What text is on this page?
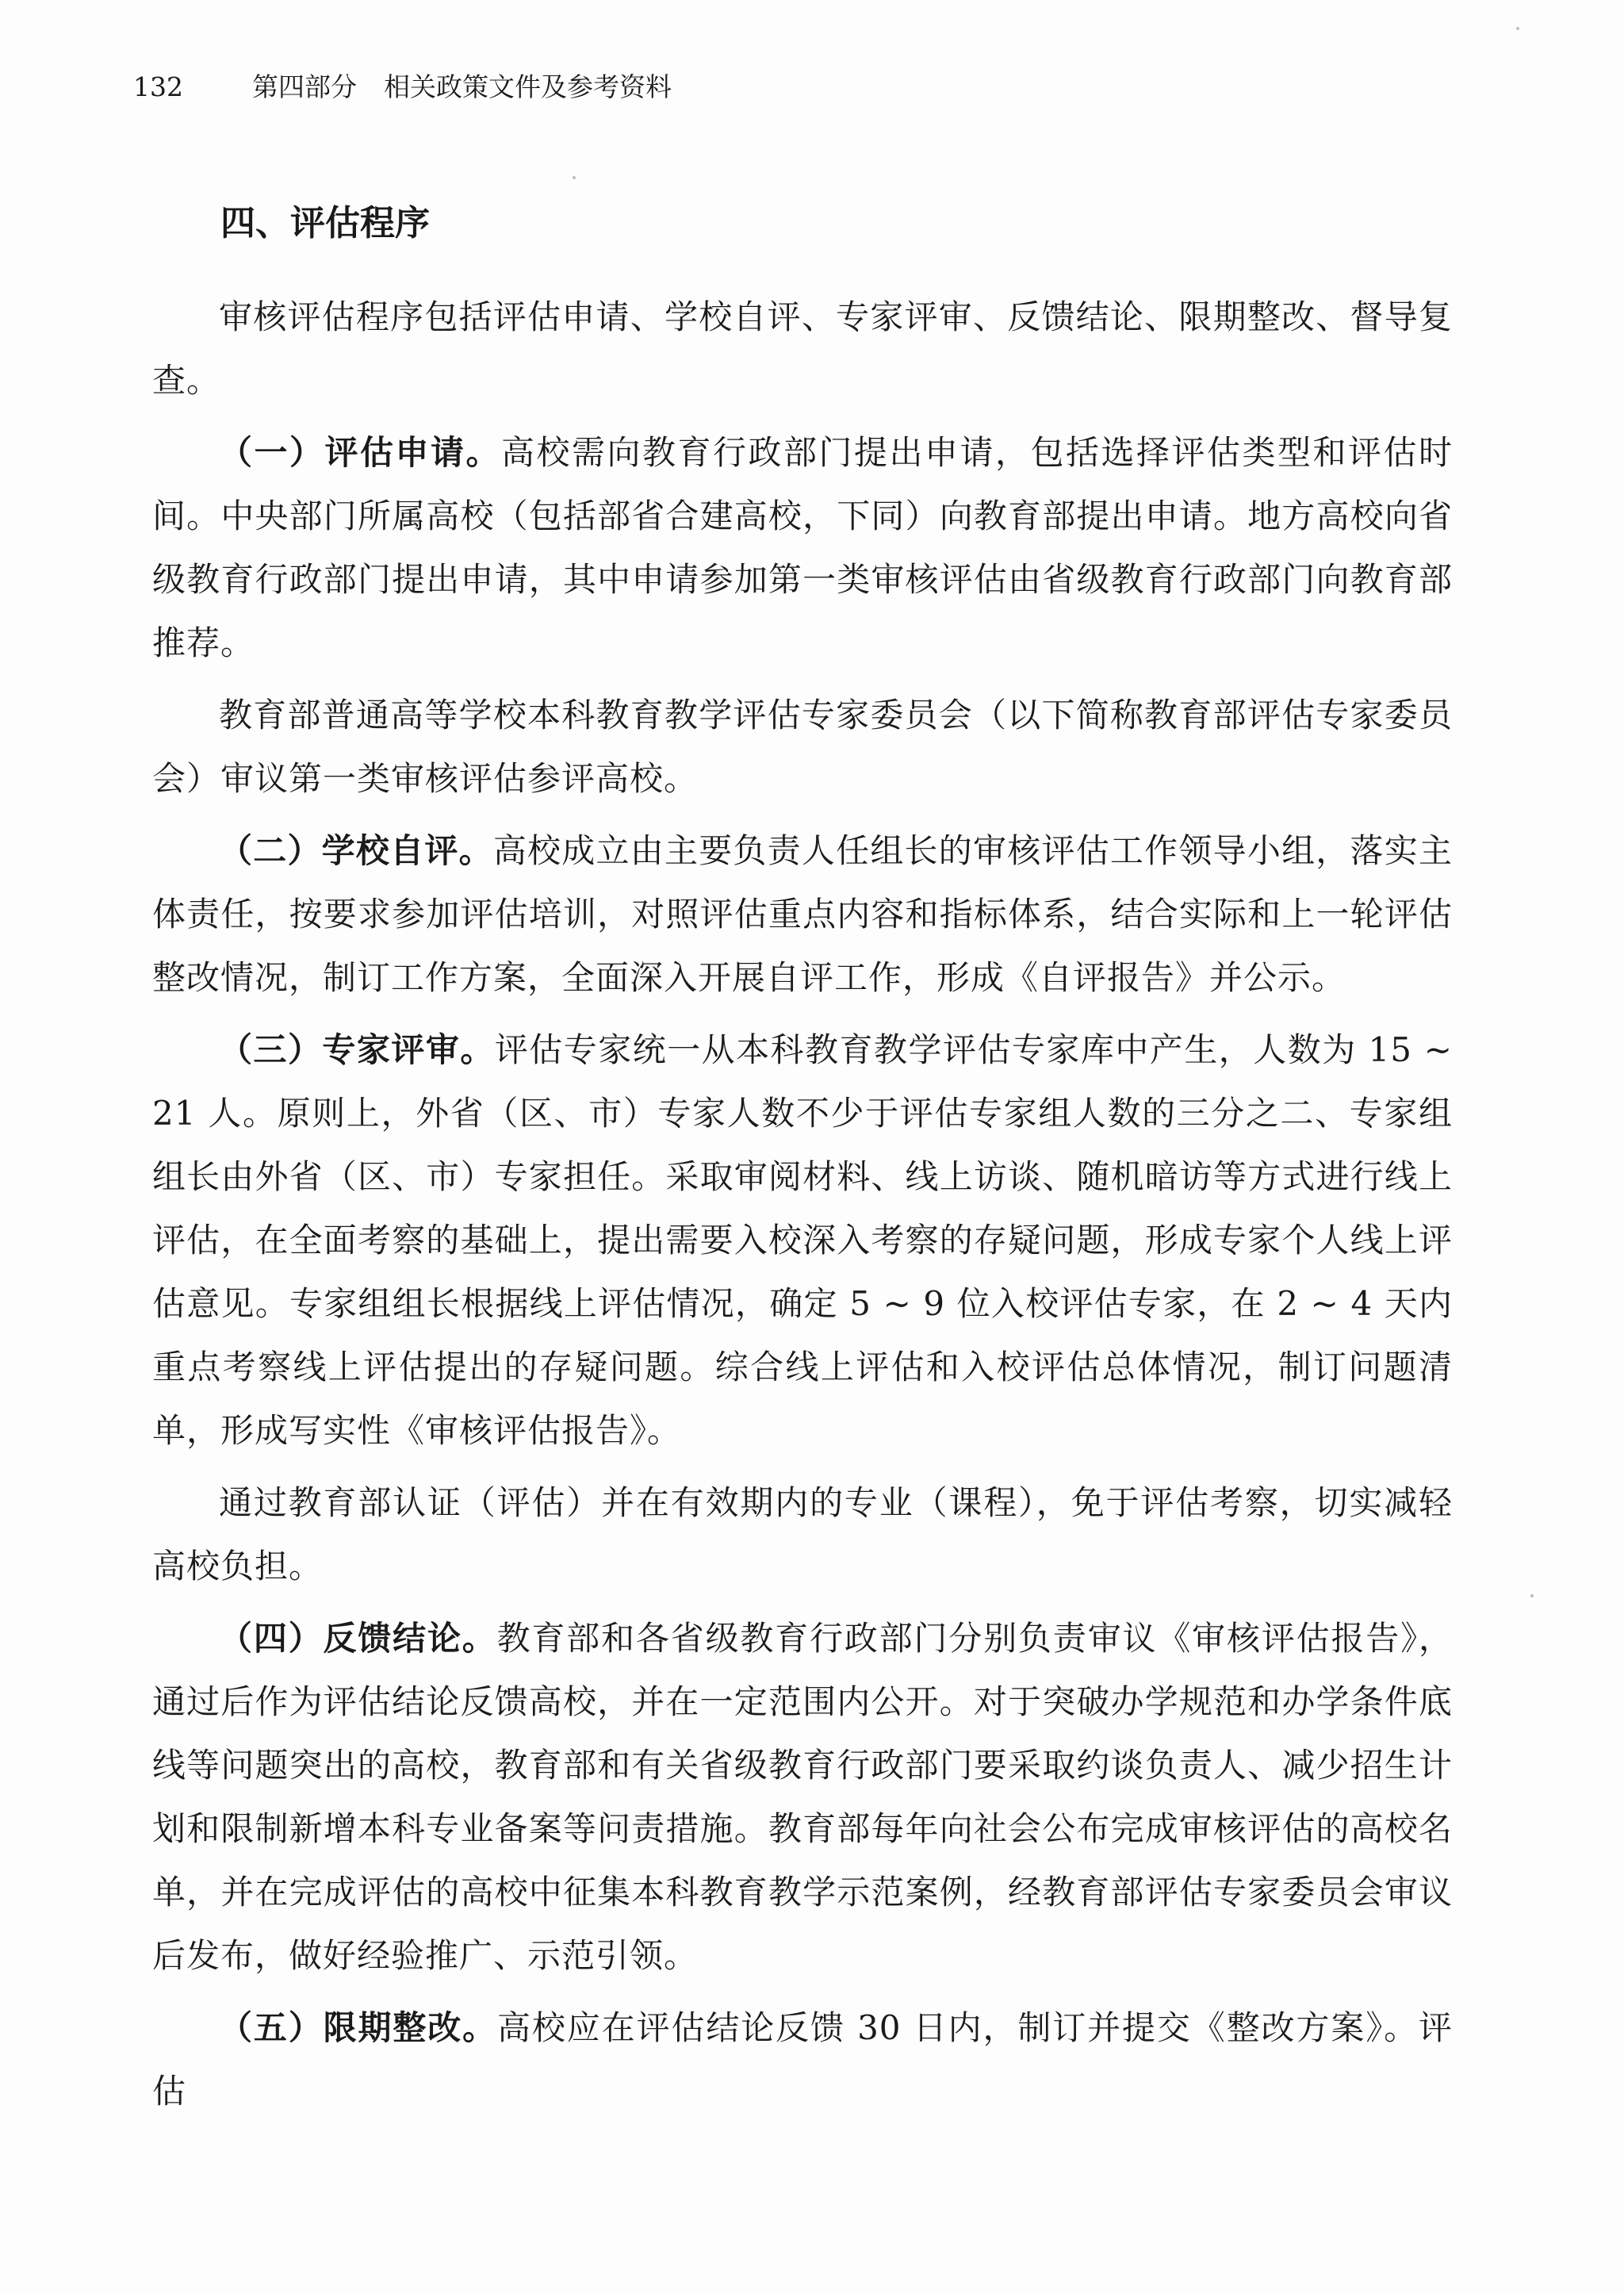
132	第四部分 相关政策文件及参考资料
四、评估程序

审核评估程序包括评估申请、学校自评、专家评审、反馈结论、限期整改、督导复查。

（一）评估申请。高校需向教育行政部门提出申请，包括选择评估类型和评估时间。中央部门所属高校（包括部省合建高校，下同）向教育部提出申请。地方高校向省级教育行政部门提出申请，其中申请参加第一类审核评估由省级教育行政部门向教育部推荐。

教育部普通高等学校本科教育教学评估专家委员会（以下简称教育部评估专家委员会）审议第一类审核评估参评高校。

（二）学校自评。高校成立由主要负责人任组长的审核评估工作领导小组，落实主体责任，按要求参加评估培训，对照评估重点内容和指标体系，结合实际和上一轮评估整改情况，制订工作方案，全面深入开展自评工作，形成《自评报告》并公示。

（三）专家评审。评估专家统一从本科教育教学评估专家库中产生，人数为 15 ~ 21 人。原则上，外省（区、市）专家人数不少于评估专家组人数的三分之二、专家组组长由外省（区、市）专家担任。采取审阅材料、线上访谈、随机暗访等方式进行线上评估，在全面考察的基础上，提出需要入校深入考察的存疑问题，形成专家个人线上评估意见。专家组组长根据线上评估情况，确定 5 ~ 9 位入校评估专家，在 2 ~ 4 天内重点考察线上评估提出的存疑问题。综合线上评估和入校评估总体情况，制订问题清单，形成写实性《审核评估报告》。

通过教育部认证（评估）并在有效期内的专业（课程），免于评估考察，切实减轻高校负担。

（四）反馈结论。教育部和各省级教育行政部门分别负责审议《审核评估报告》，通过后作为评估结论反馈高校，并在一定范围内公开。对于突破办学规范和办学条件底线等问题突出的高校，教育部和有关省级教育行政部门要采取约谈负责人、减少招生计划和限制新增本科专业备案等问责措施。教育部每年向社会公布完成审核评估的高校名单，并在完成评估的高校中征集本科教育教学示范案例，经教育部评估专家委员会审议后发布，做好经验推广、示范引领。

（五）限期整改。高校应在评估结论反馈 30 日内，制订并提交《整改方案》。评估
